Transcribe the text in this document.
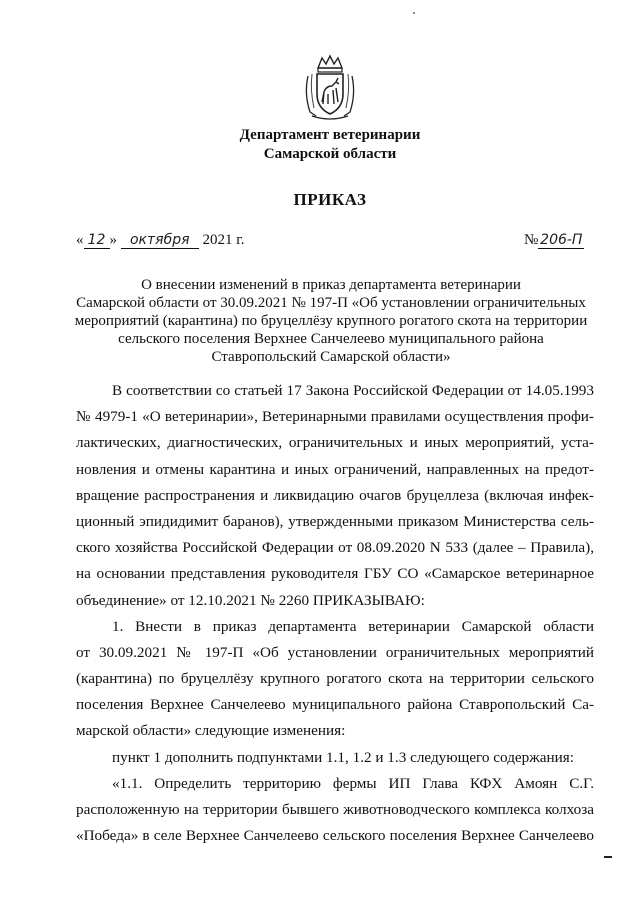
Департамент ветеринарии
Самарской области
ПРИКАЗ
« 12 » октября 2021 г.	№ 206-П
О внесении изменений в приказ департамента ветеринарии
Самарской области от 30.09.2021 № 197-П «Об установлении ограничительных
мероприятий (карантина) по бруцеллёзу крупного рогатого скота на территории
сельского поселения Верхнее Санчелеево муниципального района
Ставропольский Самарской области»
В соответствии со статьей 17 Закона Российской Федерации от 14.05.1993
№ 4979-1 «О ветеринарии», Ветеринарными правилами осуществления профи-
лактических, диагностических, ограничительных и иных мероприятий, уста-
новления и отмены карантина и иных ограничений, направленных на предот-
вращение распространения и ликвидацию очагов бруцеллеза (включая инфек-
ционный эпидидимит баранов), утвержденными приказом Министерства сель-
ского хозяйства Российской Федерации от 08.09.2020 N 533 (далее – Правила),
на основании представления руководителя ГБУ СО «Самарское ветеринарное
объединение» от 12.10.2021 № 2260 ПРИКАЗЫВАЮ:
1. Внести в приказ департамента ветеринарии Самарской области
от 30.09.2021 № 197-П «Об установлении ограничительных мероприятий
(карантина) по бруцеллёзу крупного рогатого скота на территории сельского
поселения Верхнее Санчелеево муниципального района Ставропольский Са-
марской области» следующие изменения:
пункт 1 дополнить подпунктами 1.1, 1.2 и 1.3 следующего содержания:
«1.1. Определить территорию фермы ИП Глава КФХ Амоян С.Г.
расположенную на территории бывшего животноводческого комплекса колхоза
«Победа» в селе Верхнее Санчелеево сельского поселения Верхнее Санчелеево
